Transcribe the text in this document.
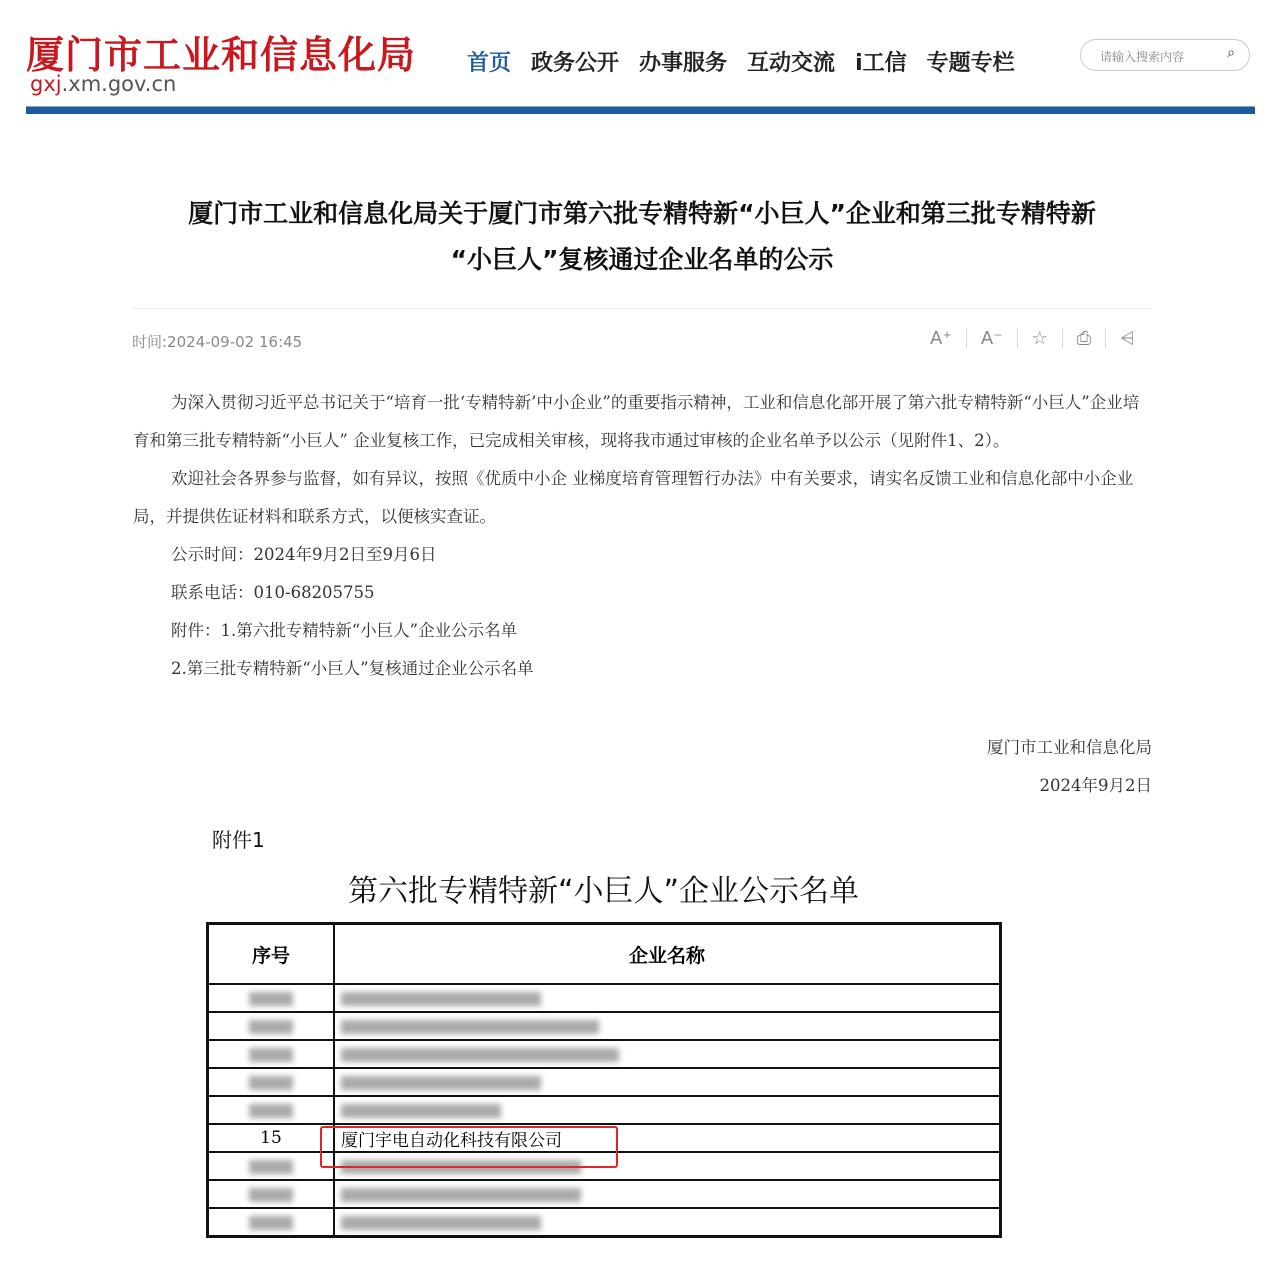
厦门市工业和信息化局
gxj.xm.gov.cn
首页 政务公开 办事服务 互动交流 i工信 专题专栏	请输入搜索内容	⌕
厦门市工业和信息化局关于厦门市第六批专精特新“小巨人”企业和第三批专精特新
“小巨人”复核通过企业名单的公示
时间:2024-09-02 16:45	A⁺	A⁻	☆	⎙	⩤

为深入贯彻习近平总书记关于“培育一批‘专精特新’中小企业”的重要指示精神，工业和信息化部开展了第六批专精特新“小巨人”企业培育和第三批专精特新“小巨人” 企业复核工作，已完成相关审核，现将我市通过审核的企业名单予以公示（见附件1、2）。

欢迎社会各界参与监督，如有异议，按照《优质中小企 业梯度培育管理暂行办法》中有关要求，请实名反馈工业和信息化部中小企业局，并提供佐证材料和联系方式，以便核实查证。

公示时间：2024年9月2日至9月6日

联系电话：010-68205755

附件：1.第六批专精特新“小巨人”企业公示名单

2.第三批专精特新“小巨人”复核通过企业公示名单

厦门市工业和信息化局
2024年9月2日
附件1
第六批专精特新“小巨人”企业公示名单
序号	企业名称

15	厦门宇电自动化科技有限公司
